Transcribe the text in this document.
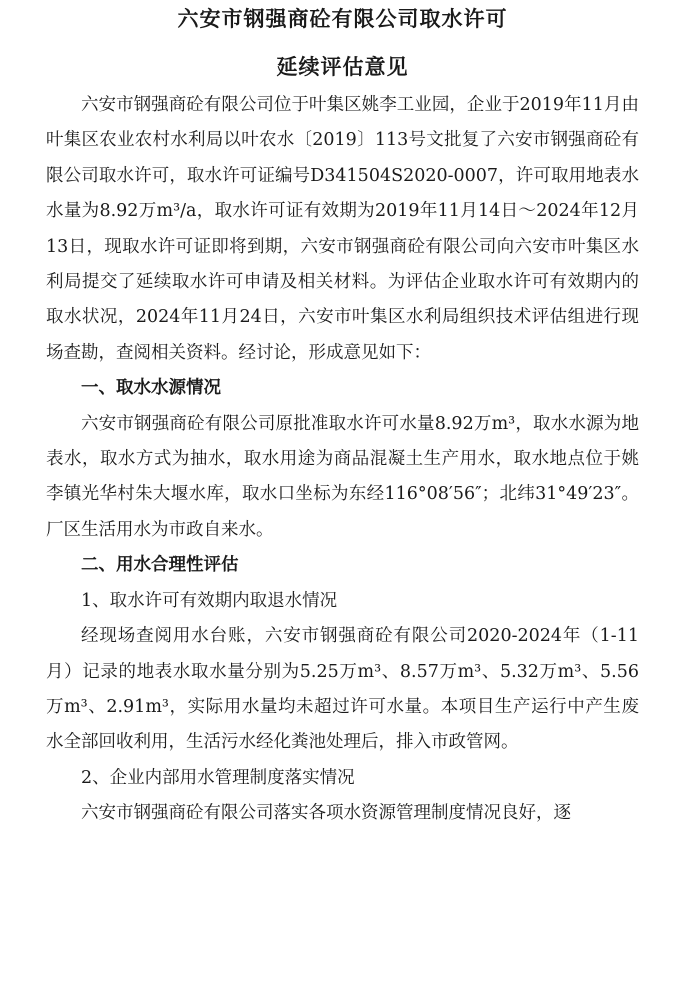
六安市钢强商砼有限公司取水许可
延续评估意见

六安市钢强商砼有限公司位于叶集区姚李工业园，企业于2019年11月由叶集区农业农村水利局以叶农水〔2019〕113号文批复了六安市钢强商砼有限公司取水许可，取水许可证编号D341504S2020-0007，许可取用地表水水量为8.92万m³/a，取水许可证有效期为2019年11月14日～2024年12月13日，现取水许可证即将到期，六安市钢强商砼有限公司向六安市叶集区水利局提交了延续取水许可申请及相关材料。为评估企业取水许可有效期内的取水状况，2024年11月24日，六安市叶集区水利局组织技术评估组进行现场查勘，查阅相关资料。经讨论，形成意见如下：

一、取水水源情况

六安市钢强商砼有限公司原批准取水许可水量8.92万m³，取水水源为地表水，取水方式为抽水，取水用途为商品混凝土生产用水，取水地点位于姚李镇光华村朱大堰水库，取水口坐标为东经116°08′56″；北纬31°49′23″。厂区生活用水为市政自来水。

二、用水合理性评估

1、取水许可有效期内取退水情况

经现场查阅用水台账，六安市钢强商砼有限公司2020-2024年（1-11月）记录的地表水取水量分别为5.25万m³、8.57万m³、5.32万m³、5.56万m³、2.91m³，实际用水量均未超过许可水量。本项目生产运行中产生废水全部回收利用，生活污水经化粪池处理后，排入市政管网。

2、企业内部用水管理制度落实情况

六安市钢强商砼有限公司落实各项水资源管理制度情况良好，逐
